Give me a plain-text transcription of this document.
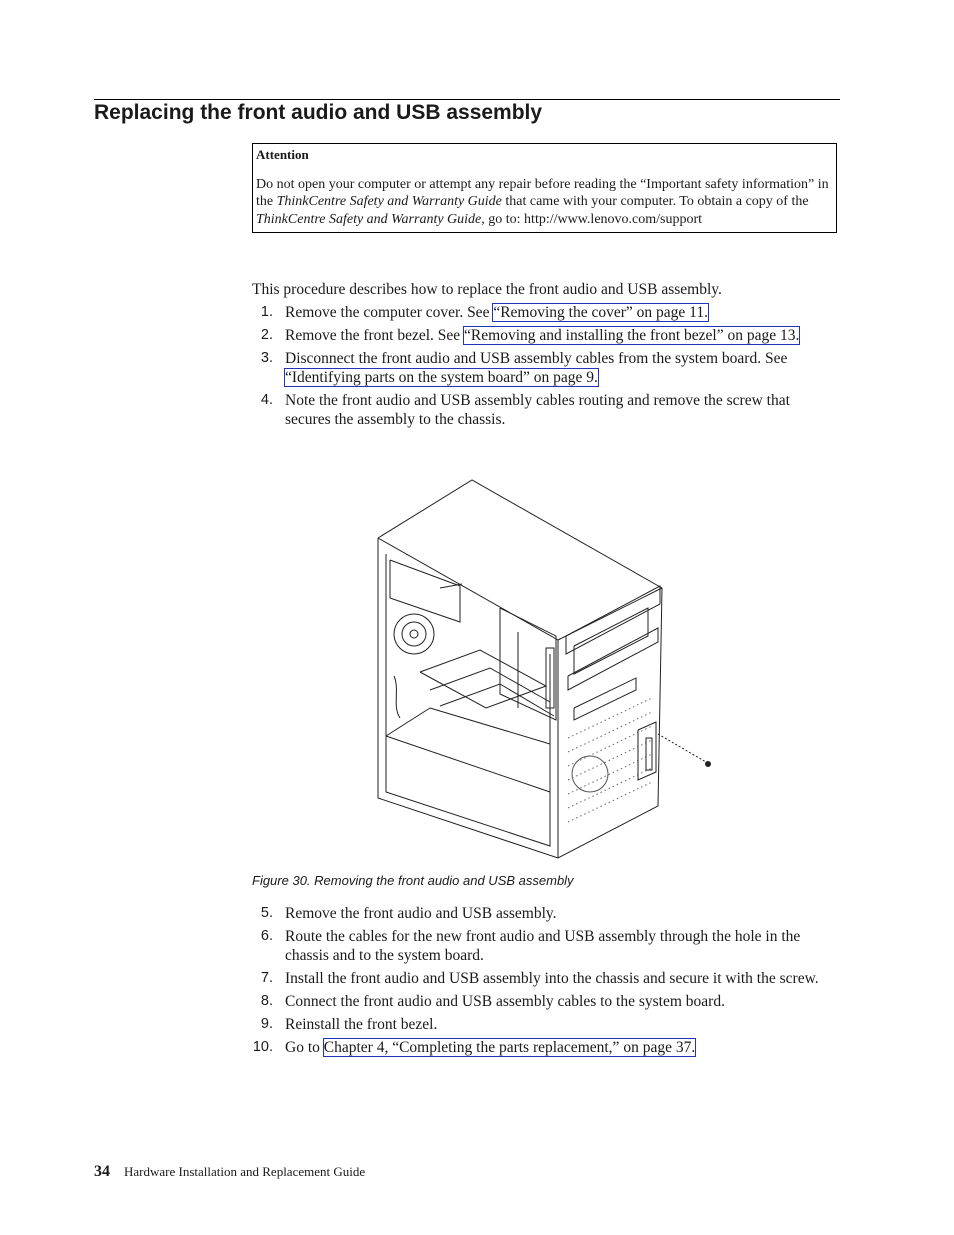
Replacing the front audio and USB assembly
Attention
Do not open your computer or attempt any repair before reading the “Important safety information” in the ThinkCentre Safety and Warranty Guide that came with your computer. To obtain a copy of the ThinkCentre Safety and Warranty Guide, go to: http://www.lenovo.com/support
This procedure describes how to replace the front audio and USB assembly.
1. Remove the computer cover. See “Removing the cover” on page 11.
2. Remove the front bezel. See “Removing and installing the front bezel” on page 13.
3. Disconnect the front audio and USB assembly cables from the system board. See “Identifying parts on the system board” on page 9.
4. Note the front audio and USB assembly cables routing and remove the screw that secures the assembly to the chassis.
Figure 30. Removing the front audio and USB assembly
5. Remove the front audio and USB assembly.
6. Route the cables for the new front audio and USB assembly through the hole in the chassis and to the system board.
7. Install the front audio and USB assembly into the chassis and secure it with the screw.
8. Connect the front audio and USB assembly cables to the system board.
9. Reinstall the front bezel.
10. Go to Chapter 4, “Completing the parts replacement,” on page 37.
34 Hardware Installation and Replacement Guide
